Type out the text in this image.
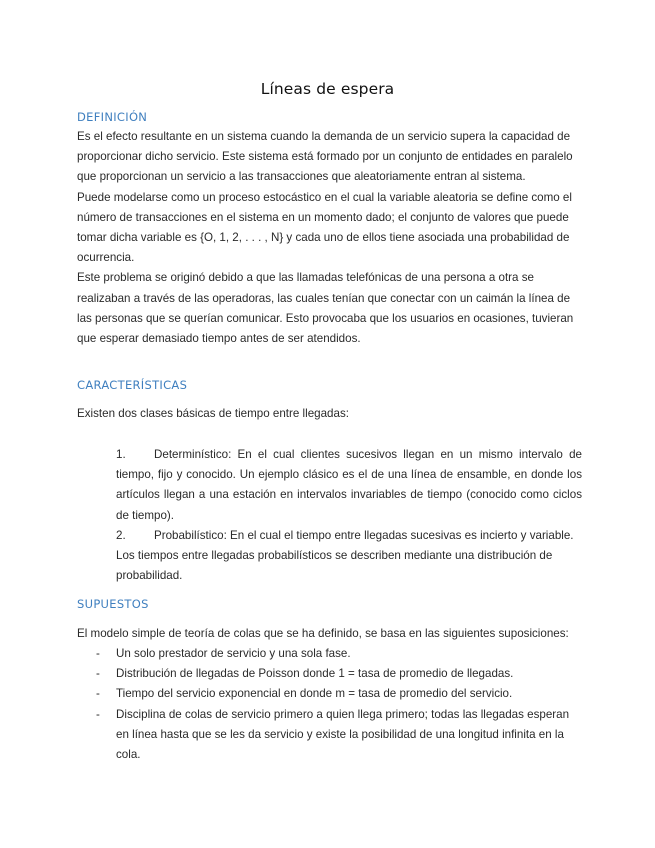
Líneas de espera
DEFINICIÓN

Es el efecto resultante en un sistema cuando la demanda de un servicio supera la capacidad de proporcionar dicho servicio. Este sistema está formado por un conjunto de entidades en paralelo que proporcionan un servicio a las transacciones que aleatoriamente entran al sistema.

Puede modelarse como un proceso estocástico en el cual la variable aleatoria se define como el número de transacciones en el sistema en un momento dado; el conjunto de valores que puede tomar dicha variable es {O, 1, 2, . . . , N} y cada uno de ellos tiene asociada una probabilidad de ocurrencia.

Este problema se originó debido a que las llamadas telefónicas de una persona a otra se realizaban a través de las operadoras, las cuales tenían que conectar con un caimán la línea de las personas que se querían comunicar. Esto provocaba que los usuarios en ocasiones, tuvieran que esperar demasiado tiempo antes de ser atendidos.

CARACTERÍSTICAS
Existen dos clases básicas de tiempo entre llegadas:
1. Determinístico: En el cual clientes sucesivos llegan en un mismo intervalo de tiempo, fijo y conocido. Un ejemplo clásico es el de una línea de ensamble, en donde los artículos llegan a una estación en intervalos invariables de tiempo (conocido como ciclos de tiempo).
2. Probabilístico: En el cual el tiempo entre llegadas sucesivas es incierto y variable. Los tiempos entre llegadas probabilísticos se describen mediante una distribución de probabilidad.
SUPUESTOS
El modelo simple de teoría de colas que se ha definido, se basa en las siguientes suposiciones:
- Un solo prestador de servicio y una sola fase.
- Distribución de llegadas de Poisson donde 1 = tasa de promedio de llegadas.
- Tiempo del servicio exponencial en donde m = tasa de promedio del servicio.
- Disciplina de colas de servicio primero a quien llega primero; todas las llegadas esperan en línea hasta que se les da servicio y existe la posibilidad de una longitud infinita en la cola.
